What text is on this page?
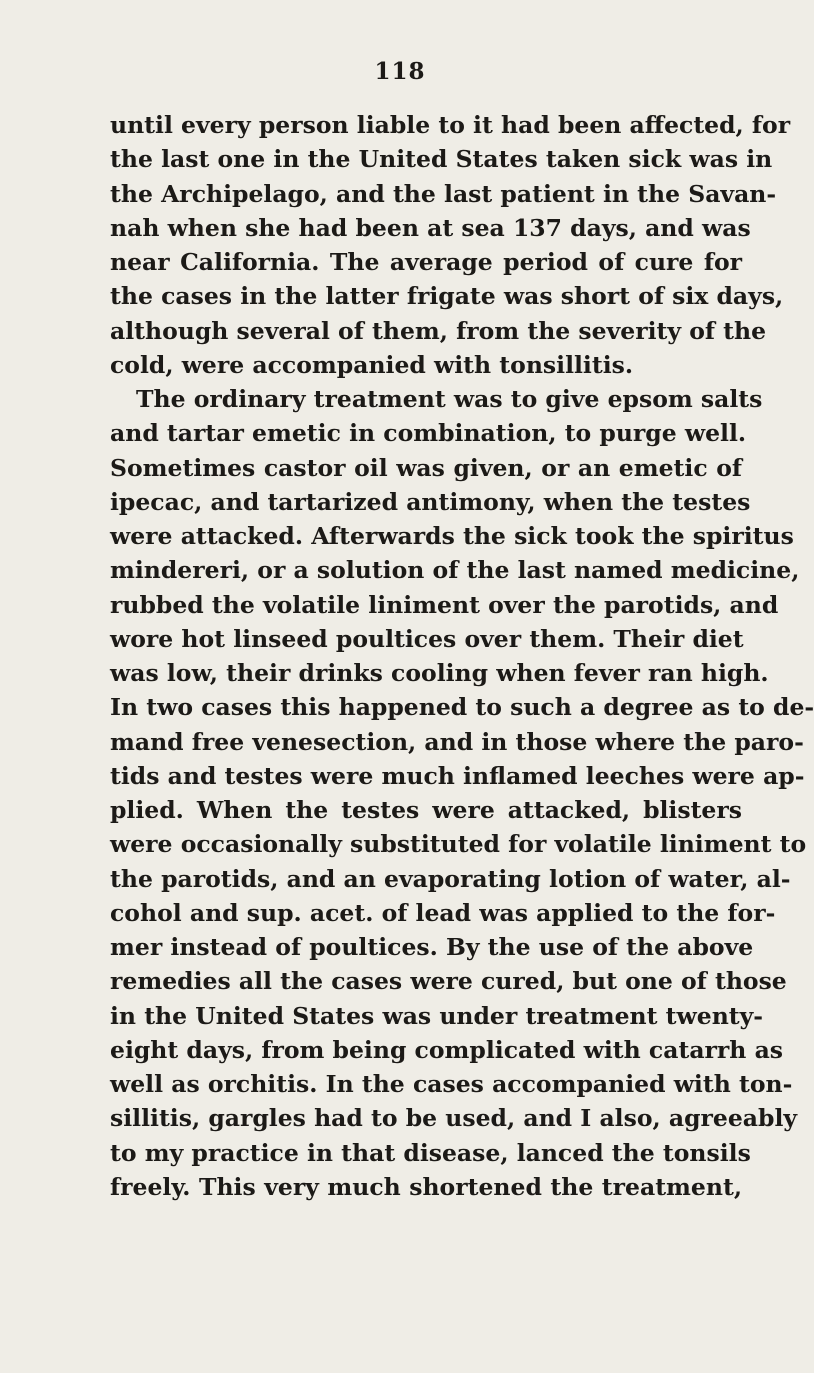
118
until every person liable to it had been affected, for
the last one in the United States taken sick was in
the Archipelago, and the last patient in the Savan-
nah when she had been at sea 137 days, and was
near California. The average period of cure for
the cases in the latter frigate was short of six days,
although several of them, from the severity of the
cold, were accompanied with tonsillitis.
The ordinary treatment was to give epsom salts
and tartar emetic in combination, to purge well.
Sometimes castor oil was given, or an emetic of
ipecac, and tartarized antimony, when the testes
were attacked. Afterwards the sick took the spiritus
mindereri, or a solution of the last named medicine,
rubbed the volatile liniment over the parotids, and
wore hot linseed poultices over them. Their diet
was low, their drinks cooling when fever ran high.
In two cases this happened to such a degree as to de-
mand free venesection, and in those where the paro-
tids and testes were much inflamed leeches were ap-
plied. When the testes were attacked, blisters
were occasionally substituted for volatile liniment to
the parotids, and an evaporating lotion of water, al-
cohol and sup. acet. of lead was applied to the for-
mer instead of poultices. By the use of the above
remedies all the cases were cured, but one of those
in the United States was under treatment twenty-
eight days, from being complicated with catarrh as
well as orchitis. In the cases accompanied with ton-
sillitis, gargles had to be used, and I also, agreeably
to my practice in that disease, lanced the tonsils
freely. This very much shortened the treatment,
